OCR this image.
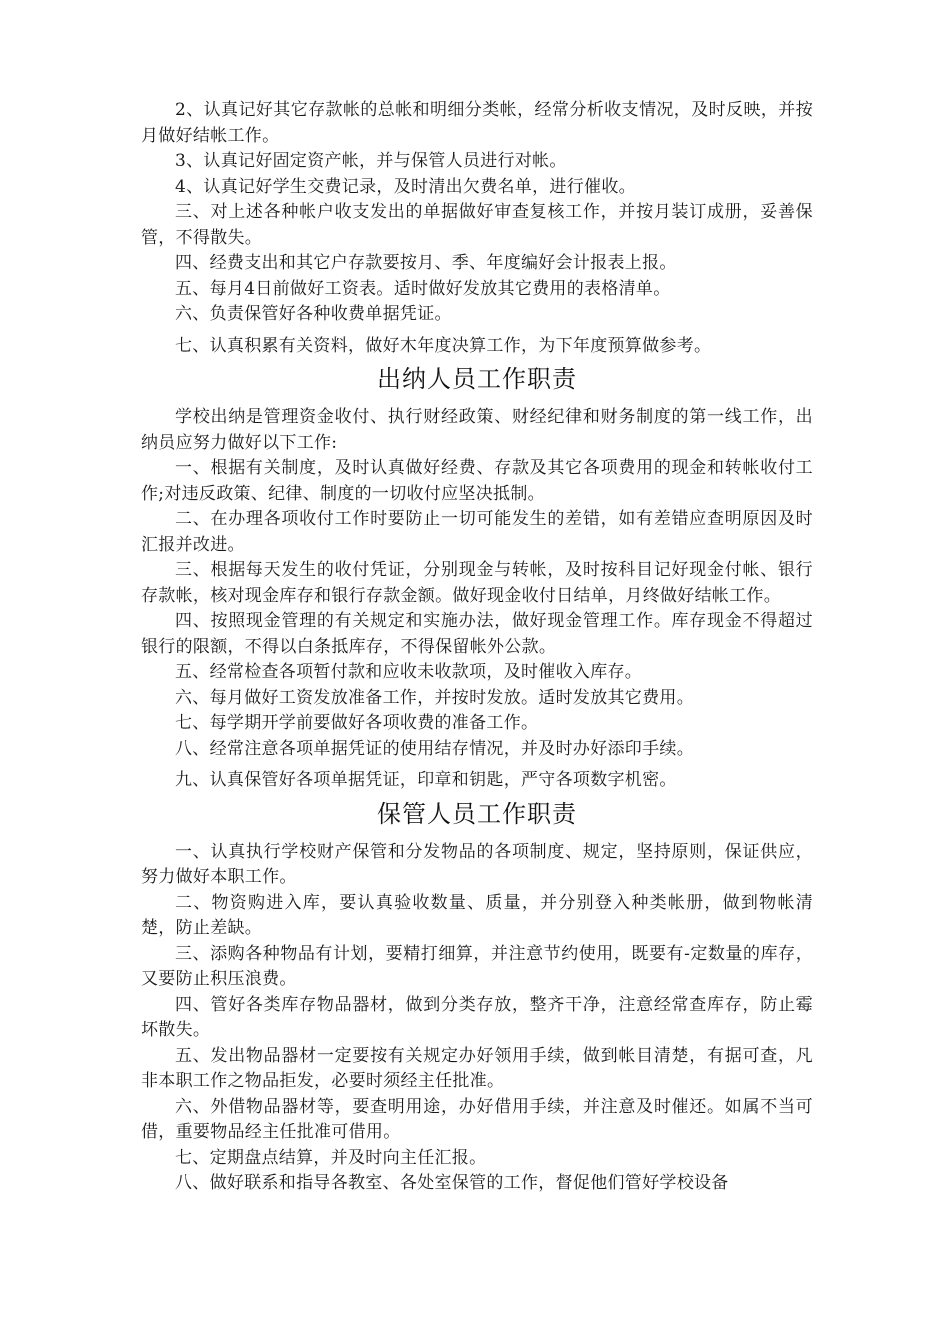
2、认真记好其它存款帐的总帐和明细分类帐，经常分析收支情况，及时反映，并按月做好结帐工作。

3、认真记好固定资产帐，并与保管人员进行对帐。

4、认真记好学生交费记录，及时清出欠费名单，进行催收。

三、对上述各种帐户收支发出的单据做好审查复核工作，并按月装订成册，妥善保管，不得散失。

四、经费支出和其它户存款要按月、季、年度编好会计报表上报。

五、每月4日前做好工资表。适时做好发放其它费用的表格清单。

六、负责保管好各种收费单据凭证。

七、认真积累有关资料，做好木年度决算工作，为下年度预算做参考。

出纳人员工作职责

学校出纳是管理资金收付、执行财经政策、财经纪律和财务制度的第一线工作，出纳员应努力做好以下工作:

一、根据有关制度，及时认真做好经费、存款及其它各项费用的现金和转帐收付工作;对违反政策、纪律、制度的一切收付应坚决抵制。

二、在办理各项收付工作时要防止一切可能发生的差错，如有差错应查明原因及时汇报并改进。

三、根据每天发生的收付凭证，分别现金与转帐，及时按科目记好现金付帐、银行存款帐，核对现金库存和银行存款金额。做好现金收付日结单，月终做好结帐工作。

四、按照现金管理的有关规定和实施办法，做好现金管理工作。库存现金不得超过银行的限额，不得以白条抵库存，不得保留帐外公款。

五、经常检查各项暂付款和应收未收款项，及时催收入库存。

六、每月做好工资发放准备工作，并按时发放。适时发放其它费用。

七、每学期开学前要做好各项收费的准备工作。

八、经常注意各项单据凭证的使用结存情况，并及时办好添印手续。

九、认真保管好各项单据凭证，印章和钥匙，严守各项数字机密。

保管人员工作职责

一、认真执行学校财产保管和分发物品的各项制度、规定，坚持原则，保证供应，努力做好本职工作。

二、物资购进入库，要认真验收数量、质量，并分别登入种类帐册，做到物帐清楚，防止差缺。

三、添购各种物品有计划，要精打细算，并注意节约使用，既要有-定数量的库存，又要防止积压浪费。

四、管好各类库存物品器材，做到分类存放，整齐干净，注意经常查库存，防止霉坏散失。

五、发出物品器材一定要按有关规定办好领用手续，做到帐目清楚，有据可查，凡非本职工作之物品拒发，必要时须经主任批准。

六、外借物品器材等，要查明用途，办好借用手续，并注意及时催还。如属不当可借，重要物品经主任批准可借用。

七、定期盘点结算，并及时向主任汇报。

八、做好联系和指导各教室、各处室保管的工作，督促他们管好学校设备
